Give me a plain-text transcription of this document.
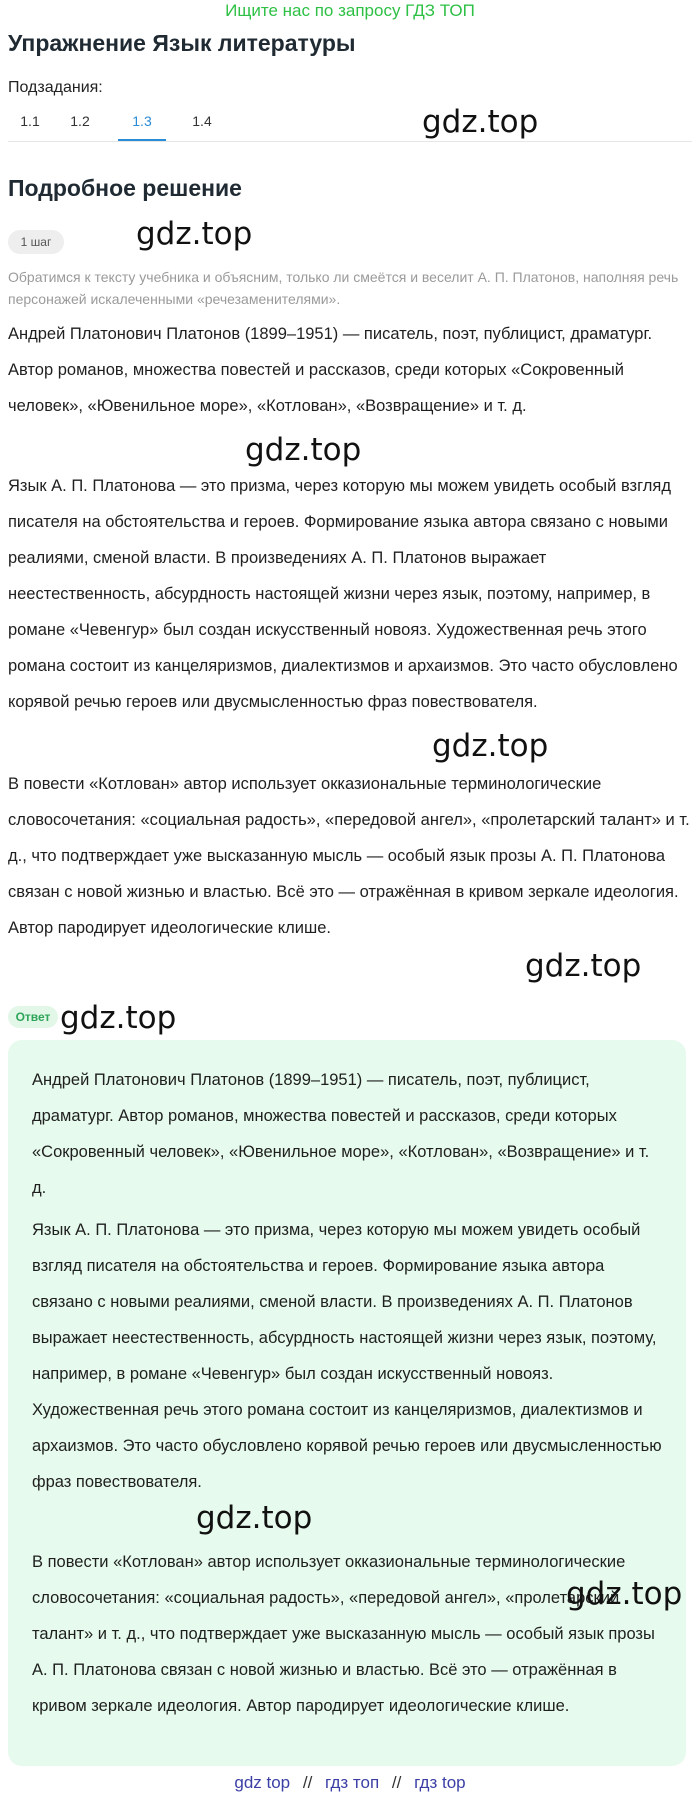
Ищите нас по запросу ГДЗ ТОП
Упражнение Язык литературы
Подзадания:
1.1	1.2	1.3	1.4	gdz.top
Подробное решение
1 шаг	gdz.top

Обратимся к тексту учебника и объясним, только ли смеётся и веселит А. П. Платонов, наполняя речь персонажей искалеченными «речезаменителями».

Андрей Платонович Платонов (1899–1951) — писатель, поэт, публицист, драматург. Автор романов, множества повестей и рассказов, среди которых «Сокровенный человек», «Ювенильное море», «Котлован», «Возвращение» и т. д.

gdz.top

Язык А. П. Платонова — это призма, через которую мы можем увидеть особый взгляд писателя на обстоятельства и героев. Формирование языка автора связано с новыми реалиями, сменой власти. В произведениях А. П. Платонов выражает неестественность, абсурдность настоящей жизни через язык, поэтому, например, в романе «Чевенгур» был создан искусственный новояз. Художественная речь этого романа состоит из канцеляризмов, диалектизмов и архаизмов. Это часто обусловлено корявой речью героев или двусмысленностью фраз повествователя.

gdz.top

В повести «Котлован» автор использует окказиональные терминологические словосочетания: «социальная радость», «передовой ангел», «пролетарский талант» и т. д., что подтверждает уже высказанную мысль — особый язык прозы А. П. Платонова связан с новой жизнью и властью. Всё это — отражённая в кривом зеркале идеология. Автор пародирует идеологические клише.

gdz.top
Ответ gdz.top

Андрей Платонович Платонов (1899–1951) — писатель, поэт, публицист, драматург. Автор романов, множества повестей и рассказов, среди которых «Сокровенный человек», «Ювенильное море», «Котлован», «Возвращение» и т. д.

Язык А. П. Платонова — это призма, через которую мы можем увидеть особый взгляд писателя на обстоятельства и героев. Формирование языка автора связано с новыми реалиями, сменой власти. В произведениях А. П. Платонов выражает неестественность, абсурдность настоящей жизни через язык, поэтому, например, в романе «Чевенгур» был создан искусственный новояз. Художественная речь этого романа состоит из канцеляризмов, диалектизмов и архаизмов. Это часто обусловлено корявой речью героев или двусмысленностью фраз повествователя.

В повести «Котлован» автор использует окказиональные терминологические словосочетания: «социальная радость», «передовой ангел», «пролетарский талант» и т. д., что подтверждает уже высказанную мысль — особый язык прозы А. П. Платонова связан с новой жизнью и властью. Всё это — отражённая в кривом зеркале идеология. Автор пародирует идеологические клише.

gdz.top
gdz.top
gdz top // гдз топ // гдз top
